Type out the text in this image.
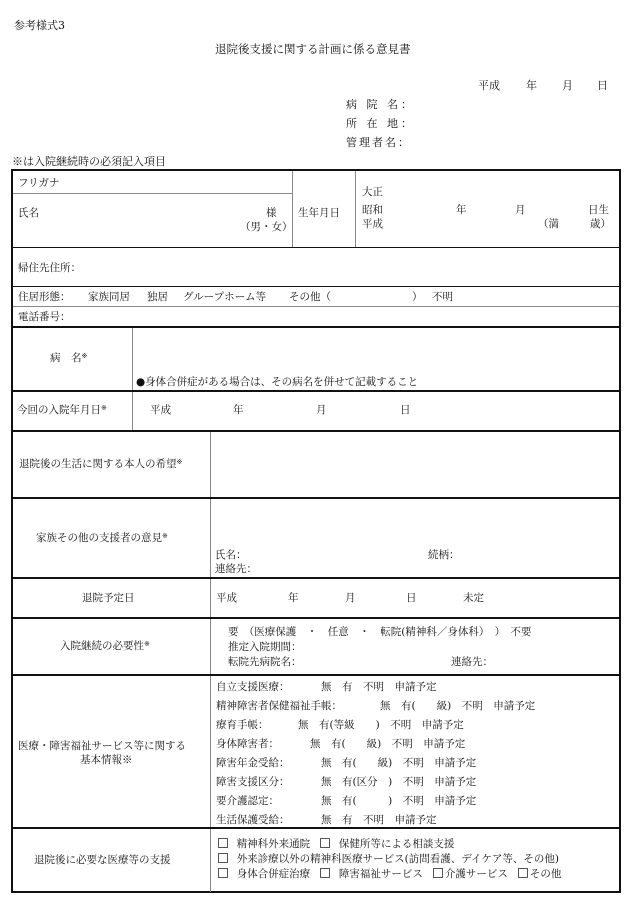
参考様式3
退院後支援に関する計画に係る意見書
平成 年 月 日
病 院 名：
所 在 地：
管理者名：
※は入院継続時の必須記入項目
フリガナ
氏名	様
（男・女）
生年月日
大正
昭和
平成
年	月	日生
（満	歳）
帰住先住所：
住居形態： 家族同居 独居 グループホーム等 その他（	） 不明
電話番号：
病　名※
●身体合併症がある場合は、その病名を併せて記載すること
今回の入院年月日※	平成	年	月	日
退院後の生活に関する本人の希望※
家族その他の支援者の意見※
氏名：	続柄：
連絡先：
退院予定日	平成	年	月	日	未定
入院継続の必要性※
要　（医療保護　・　任意　・　転院(精神科／身体科）　）　不要
推定入院期間：
転院先病院名：	連絡先：
医療・障害福祉サービス等に関する
基本情報※
自立支援医療：	無　有　不明　申請予定
精神障害者保健福祉手帳：	無　有(　　級)　不明　申請予定
療育手帳：	無　有(等級　　)　不明　申請予定
身体障害者：	無　有(　　級)　不明　申請予定
障害年金受給：	無　有(　　級)　不明　申請予定
障害支援区分：	無　有(区分　)　不明　申請予定
要介護認定：	無　有(　　　)　不明　申請予定
生活保護受給：	無　有　不明　申請予定
退院後に必要な医療等の支援
精神科外来通院	保健所等による相談支援
外来診療以外の精神科医療サービス(訪問看護、デイケア等、その他)
身体合併症治療	障害福祉サービス 介護サービス その他
